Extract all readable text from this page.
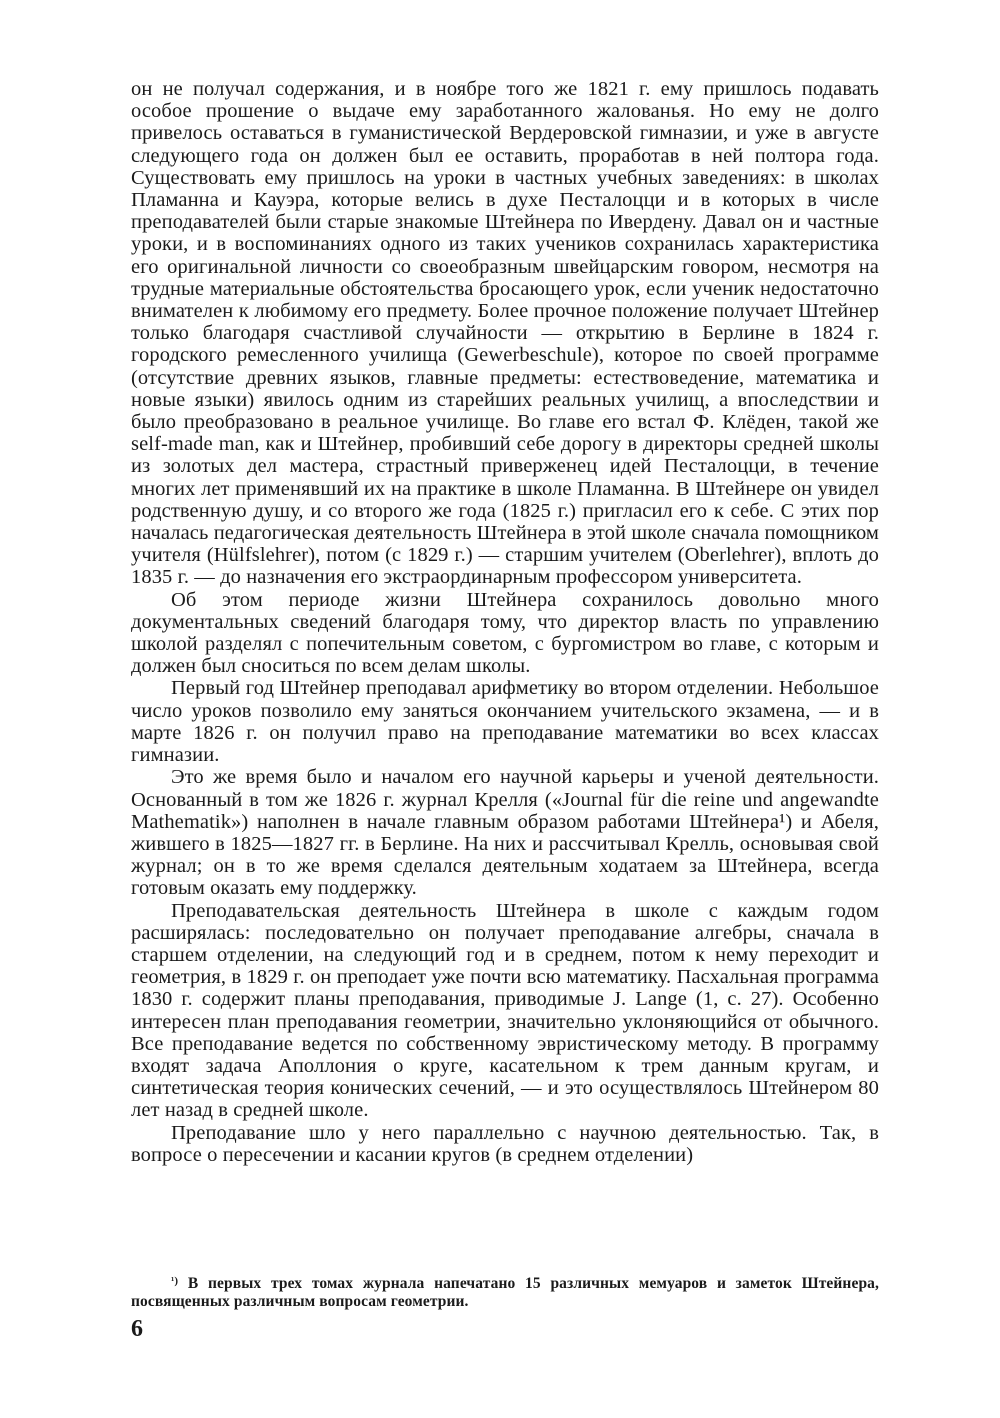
он не получал содержания, и в ноябре того же 1821 г. ему пришлось подавать особое прошение о выдаче ему заработанного жалованья. Но ему не долго привелось оставаться в гуманистической Вердеровской гимназии, и уже в августе следующего года он должен был ее оставить, проработав в ней полтора года. Существовать ему пришлось на уроки в частных учебных заведениях: в школах Пламанна и Кауэра, которые велись в духе Песталоцци и в которых в числе преподавателей были старые знакомые Штейнера по Ивердену. Давал он и частные уроки, и в воспоминаниях одного из таких учеников сохранилась характеристика его оригинальной личности со своеобразным швейцарским говором, несмотря на трудные материальные обстоятельства бросающего урок, если ученик недостаточно внимателен к любимому его предмету. Более прочное положение получает Штейнер только благодаря счастливой случайности — открытию в Берлине в 1824 г. городского ремесленного училища (Gewerbeschule), которое по своей программе (отсутствие древних языков, главные предметы: естествоведение, математика и новые языки) явилось одним из старейших реальных училищ, а впоследствии и было преобразовано в реальное училище. Во главе его встал Ф. Клёден, такой же self-made man, как и Штейнер, пробивший себе дорогу в директоры средней школы из золотых дел мастера, страстный приверженец идей Песталоцци, в течение многих лет применявший их на практике в школе Пламанна. В Штейнере он увидел родственную душу, и со второго же года (1825 г.) пригласил его к себе. С этих пор началась педагогическая деятельность Штейнера в этой школе сначала помощником учителя (Hülfslehrer), потом (с 1829 г.) — старшим учителем (Oberlehrer), вплоть до 1835 г. — до назначения его экстраординарным профессором университета.

Об этом периоде жизни Штейнера сохранилось довольно много документальных сведений благодаря тому, что директор власть по управлению школой разделял с попечительным советом, с бургомистром во главе, с которым и должен был сноситься по всем делам школы.

Первый год Штейнер преподавал арифметику во втором отделении. Небольшое число уроков позволило ему заняться окончанием учительского экзамена, — и в марте 1826 г. он получил право на преподавание математики во всех классах гимназии.

Это же время было и началом его научной карьеры и ученой деятельности. Основанный в том же 1826 г. журнал Крелля («Journal für die reine und angewandte Mathematik») наполнен в начале главным образом работами Штейнера¹) и Абеля, жившего в 1825—1827 гг. в Берлине. На них и рассчитывал Крелль, основывая свой журнал; он в то же время сделался деятельным ходатаем за Штейнера, всегда готовым оказать ему поддержку.

Преподавательская деятельность Штейнера в школе с каждым годом расширялась: последовательно он получает преподавание алгебры, сначала в старшем отделении, на следующий год и в среднем, потом к нему переходит и геометрия, в 1829 г. он преподает уже почти всю математику. Пасхальная программа 1830 г. содержит планы преподавания, приводимые J. Lange (1, с. 27). Особенно интересен план преподавания геометрии, значительно уклоняющийся от обычного. Все преподавание ведется по собственному эвристическому методу. В программу входят задача Аполлония о круге, касательном к трем данным кругам, и синтетическая теория конических сечений, — и это осуществлялось Штейнером 80 лет назад в средней школе.

Преподавание шло у него параллельно с научною деятельностью. Так, в вопросе о пересечении и касании кругов (в среднем отделении)

$^{^1)}$ В первых трех томах журнала напечатано 15 различных мемуаров и заметок Штейнера, посвященных различным вопросам геометрии.
6
